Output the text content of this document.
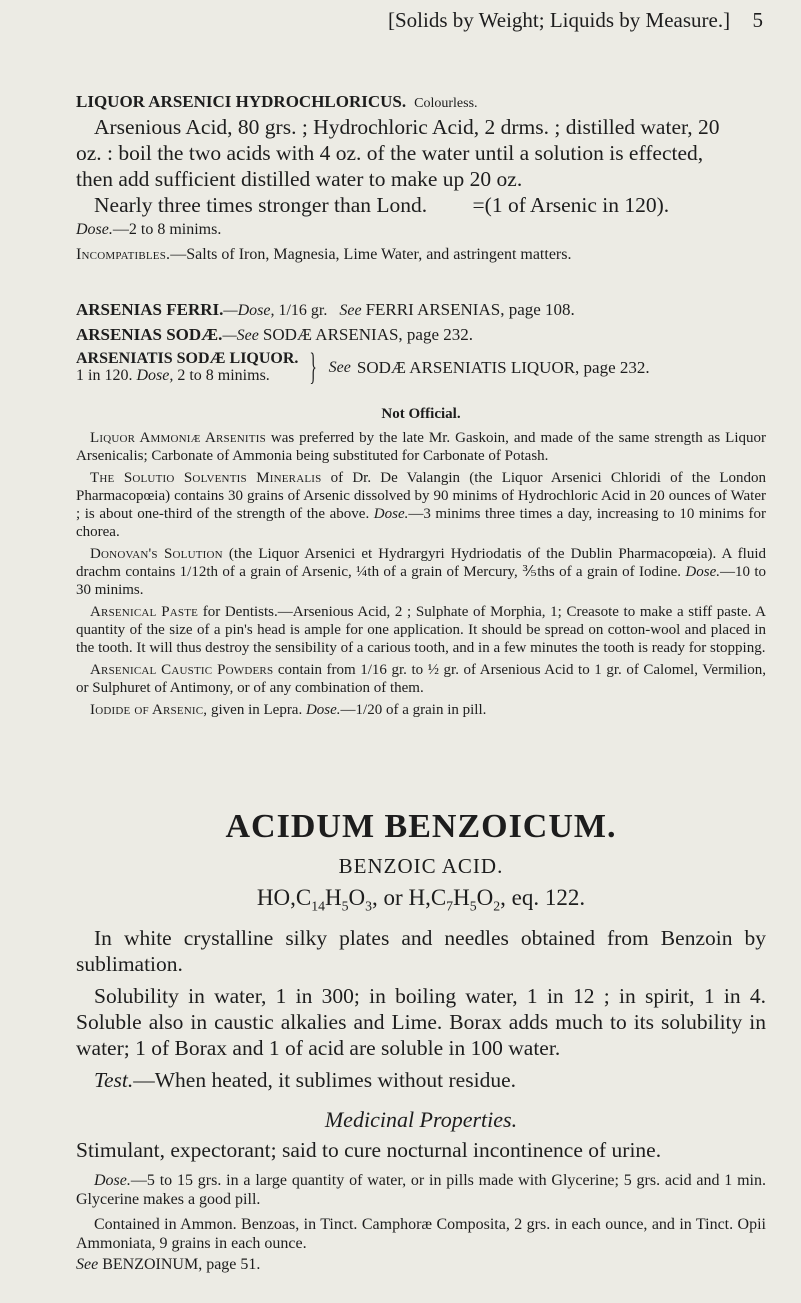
[Solids by Weight; Liquids by Measure.] 5
LIQUOR ARSENICI HYDROCHLORICUS. Colourless.
Arsenious Acid, 80 grs. ; Hydrochloric Acid, 2 drms. ; distilled water, 20
oz. : boil the two acids with 4 oz. of the water until a solution is effected,
then add sufficient distilled water to make up 20 oz.
Nearly three times stronger than Lond. =(1 of Arsenic in 120).
Dose.—2 to 8 minims.
Incompatibles.—Salts of Iron, Magnesia, Lime Water, and astringent matters.
ARSENIAS FERRI.—Dose, 1/16 gr. See FERRI ARSENIAS, page 108.
ARSENIAS SODÆ.—See SODÆ ARSENIAS, page 232.
ARSENIATIS SODÆ LIQUOR.
1 in 120. Dose, 2 to 8 minims.	} See SODÆ ARSENIATIS LIQUOR, page 232.
Not Official.

Liquor Ammoniæ Arsenitis was preferred by the late Mr. Gaskoin, and made of the same strength as Liquor Arsenicalis; Carbonate of Ammonia being substituted for Carbonate of Potash.

The Solutio Solventis Mineralis of Dr. De Valangin (the Liquor Arsenici Chloridi of the London Pharmacopœia) contains 30 grains of Arsenic dissolved by 90 minims of Hydrochloric Acid in 20 ounces of Water ; is about one-third of the strength of the above. Dose.—3 minims three times a day, increasing to 10 minims for chorea.

Donovan's Solution (the Liquor Arsenici et Hydrargyri Hydriodatis of the Dublin Pharmacopœia). A fluid drachm contains 1/12th of a grain of Arsenic, ¼th of a grain of Mercury, ⅗ths of a grain of Iodine. Dose.—10 to 30 minims.

Arsenical Paste for Dentists.—Arsenious Acid, 2 ; Sulphate of Morphia, 1; Creasote to make a stiff paste. A quantity of the size of a pin's head is ample for one application. It should be spread on cotton-wool and placed in the tooth. It will thus destroy the sensibility of a carious tooth, and in a few minutes the tooth is ready for stopping.

Arsenical Caustic Powders contain from 1/16 gr. to ½ gr. of Arsenious Acid to 1 gr. of Calomel, Vermilion, or Sulphuret of Antimony, or of any combination of them.

Iodide of Arsenic, given in Lepra. Dose.—1/20 of a grain in pill.

ACIDUM BENZOICUM.
BENZOIC ACID.
$HO,C_{14}H_5O_3$, or $H,C_7H_5O_2$, eq. 122.
In white crystalline silky plates and needles obtained from Benzoin by sublimation.
Solubility in water, 1 in 300; in boiling water, 1 in 12 ; in spirit, 1 in 4. Soluble also in caustic alkalies and Lime. Borax adds much to its solubility in water; 1 of Borax and 1 of acid are soluble in 100 water.
Test.—When heated, it sublimes without residue.
Medicinal Properties.
Stimulant, expectorant; said to cure nocturnal incontinence of urine.
Dose.—5 to 15 grs. in a large quantity of water, or in pills made with Glycerine; 5 grs. acid and 1 min. Glycerine makes a good pill.
Contained in Ammon. Benzoas, in Tinct. Camphoræ Composita, 2 grs. in each ounce, and in Tinct. Opii Ammoniata, 9 grains in each ounce.
See BENZOINUM, page 51.
